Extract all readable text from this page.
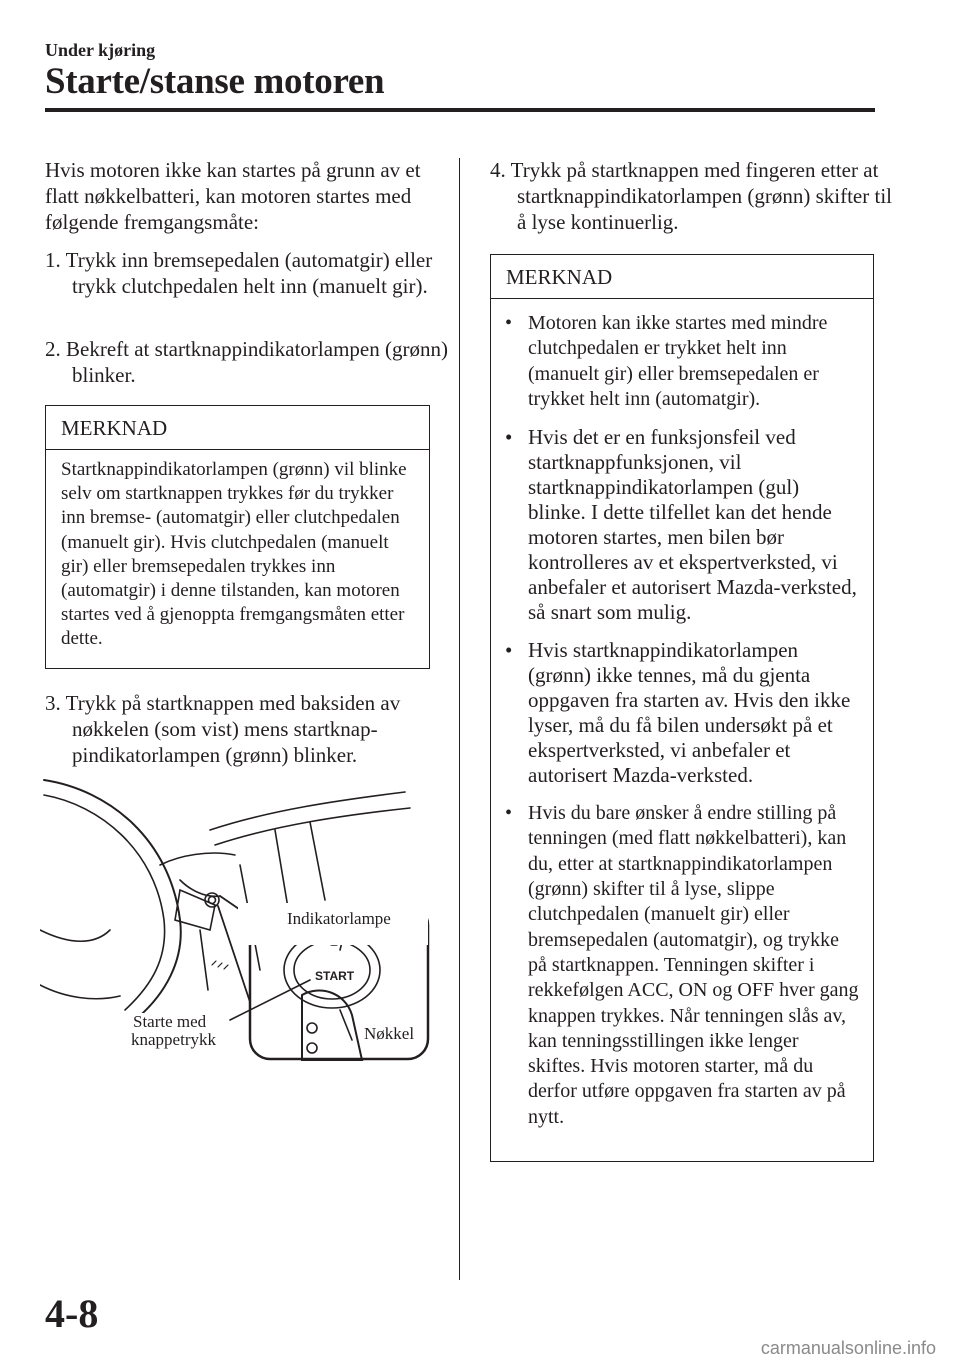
Under kjøring
Starte/stanse motoren

Hvis motoren ikke kan startes på grunn av et flatt nøkkelbatteri, kan motoren startes med følgende fremgangsmåte:

1. Trykk inn bremsepedalen (automatgir) eller trykk clutchpedalen helt inn (manuelt gir).

2. Bekreft at startknappindikatorlampen (grønn) blinker.

MERKNAD
Startknappindikatorlampen (grønn) vil blinke selv om startknappen trykkes før du trykker inn bremse- (automatgir) eller clutchpedalen (manuelt gir). Hvis clutchpedalen (manuelt gir) eller bremsepedalen trykkes inn (automatgir) i denne tilstanden, kan motoren startes ved å gjenoppta fremgangsmåten etter dette.

3. Trykk på startknappen med baksiden av nøkkelen (som vist) mens startknap-pindikatorlampen (grønn) blinker.

START
Indikatorlampe
Starte med
knappetrykk	Nøkkel

4. Trykk på startknappen med fingeren etter at startknappindikatorlampen (grønn) skifter til å lyse kontinuerlig.

MERKNAD
• Motoren kan ikke startes med mindre clutchpedalen er trykket helt inn (manuelt gir) eller bremsepedalen er trykket helt inn (automatgir).
• Hvis det er en funksjonsfeil ved startknappfunksjonen, vil startknappindikatorlampen (gul) blinke. I dette tilfellet kan det hende motoren startes, men bilen bør kontrolleres av et ekspertverksted, vi anbefaler et autorisert Mazda-verksted, så snart som mulig.
• Hvis startknappindikatorlampen (grønn) ikke tennes, må du gjenta oppgaven fra starten av. Hvis den ikke lyser, må du få bilen undersøkt på et ekspertverksted, vi anbefaler et autorisert Mazda-verksted.
• Hvis du bare ønsker å endre stilling på tenningen (med flatt nøkkelbatteri), kan du, etter at startknappindikatorlampen (grønn) skifter til å lyse, slippe clutchpedalen (manuelt gir) eller bremsepedalen (automatgir), og trykke på startknappen. Tenningen skifter i rekkefølgen ACC, ON og OFF hver gang knappen trykkes. Når tenningen slås av, kan tenningsstillingen ikke lenger skiftes. Hvis motoren starter, må du derfor utføre oppgaven fra starten av på nytt.
4-8
carmanualsonline.info
